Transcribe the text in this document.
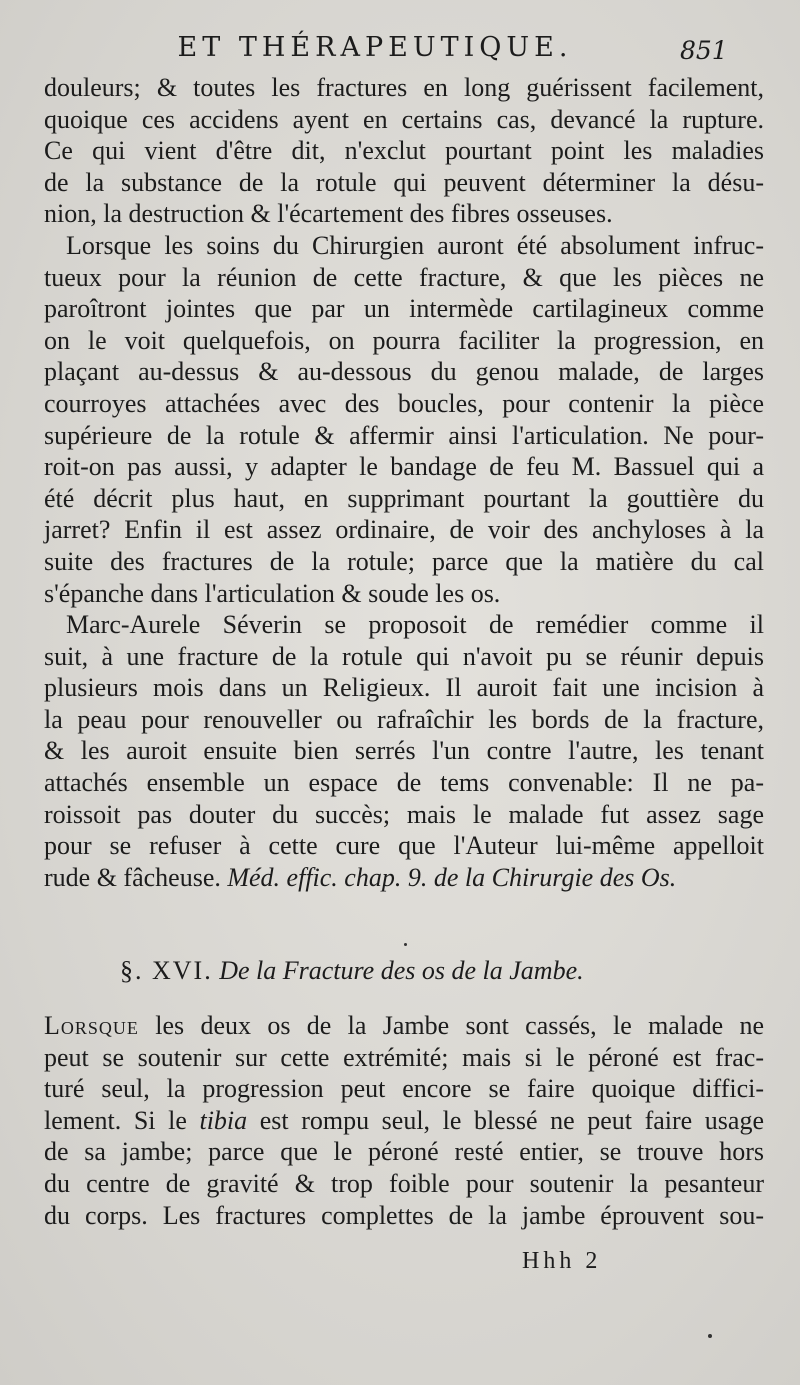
ET THÉRAPEUTIQUE.	851
douleurs; & toutes les fractures en long guérissent facilement,
quoique ces accidens ayent en certains cas, devancé la rupture.
Ce qui vient d'être dit, n'exclut pourtant point les maladies
de la substance de la rotule qui peuvent déterminer la désu-
nion, la destruction & l'écartement des fibres osseuses.
Lorsque les soins du Chirurgien auront été absolument infruc-
tueux pour la réunion de cette fracture, & que les pièces ne
paroîtront jointes que par un intermède cartilagineux comme
on le voit quelquefois, on pourra faciliter la progression, en
plaçant au-dessus & au-dessous du genou malade, de larges
courroyes attachées avec des boucles, pour contenir la pièce
supérieure de la rotule & affermir ainsi l'articulation. Ne pour-
roit-on pas aussi, y adapter le bandage de feu M. Bassuel qui a
été décrit plus haut, en supprimant pourtant la gouttière du
jarret? Enfin il est assez ordinaire, de voir des anchyloses à la
suite des fractures de la rotule; parce que la matière du cal
s'épanche dans l'articulation & soude les os.
Marc-Aurele Séverin se proposoit de remédier comme il
suit, à une fracture de la rotule qui n'avoit pu se réunir depuis
plusieurs mois dans un Religieux. Il auroit fait une incision à
la peau pour renouveller ou rafraîchir les bords de la fracture,
& les auroit ensuite bien serrés l'un contre l'autre, les tenant
attachés ensemble un espace de tems convenable: Il ne pa-
roissoit pas douter du succès; mais le malade fut assez sage
pour se refuser à cette cure que l'Auteur lui-même appelloit
rude & fâcheuse. Méd. effic. chap. 9. de la Chirurgie des Os.
§. XVI. De la Fracture des os de la Jambe.
Lorsque les deux os de la Jambe sont cassés, le malade ne
peut se soutenir sur cette extrémité; mais si le péroné est frac-
turé seul, la progression peut encore se faire quoique diffici-
lement. Si le tibia est rompu seul, le blessé ne peut faire usage
de sa jambe; parce que le péroné resté entier, se trouve hors
du centre de gravité & trop foible pour soutenir la pesanteur
du corps. Les fractures complettes de la jambe éprouvent sou-
Hhh 2
